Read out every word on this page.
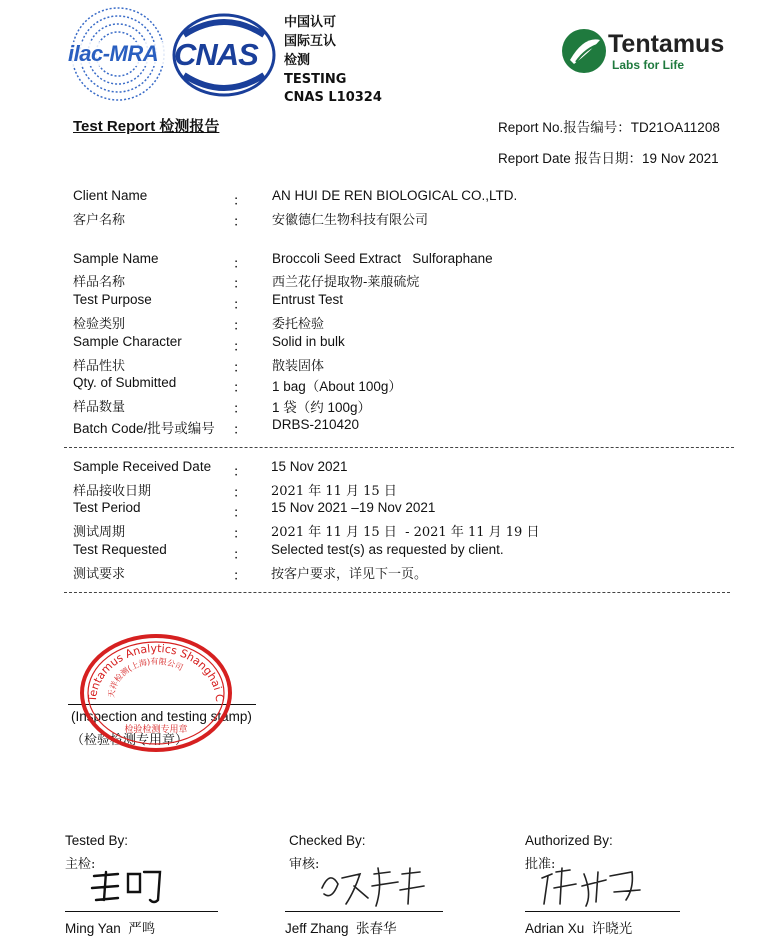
ilac-MRA CNAS
中国认可
国际互认
检测
TESTING
CNAS L10324
Tentamus
Labs for Life
Test Report 检测报告	Report No.报告编号：TD21OA11208
Report Date 报告日期：19 Nov 2021
Client Name
客户名称
：
：
AN HUI DE REN BIOLOGICAL CO.,LTD.
安徽德仁生物科技有限公司
Sample Name
样品名称
Test Purpose
检验类别
Sample Character
样品性状
Qty. of Submitted
样品数量
Batch Code/批号或编号
：
：
：
：
：
：
：
：
：
Broccoli Seed Extract   Sulforaphane
西兰花仔提取物-莱菔硫烷
Entrust Test
委托检验
Solid in bulk
散装固体
1 bag（About 100g）
1 袋（约 100g）
DRBS-210420
Sample Received Date
样品接收日期
Test Period
测试周期
Test Requested
测试要求
：
：
：
：
：
：
15 Nov 2021
2021 年 11 月 15 日
15 Nov 2021 –19 Nov 2021
2021 年 11 月 15 日  - 2021 年 11 月 19 日
Selected test(s) as requested by client.
按客户要求，详见下一页。
(Inspection and testing stamp)
（检验检测专用章）
Tentamus Analytics Shanghai C
天祥检测(上海)有限公司
检验检测专用章
Tested By:
主检:
Ming Yan  严鸣
Checked By:
审核:
Jeff Zhang  张春华
Authorized By:
批准:
Adrian Xu  许晓光
